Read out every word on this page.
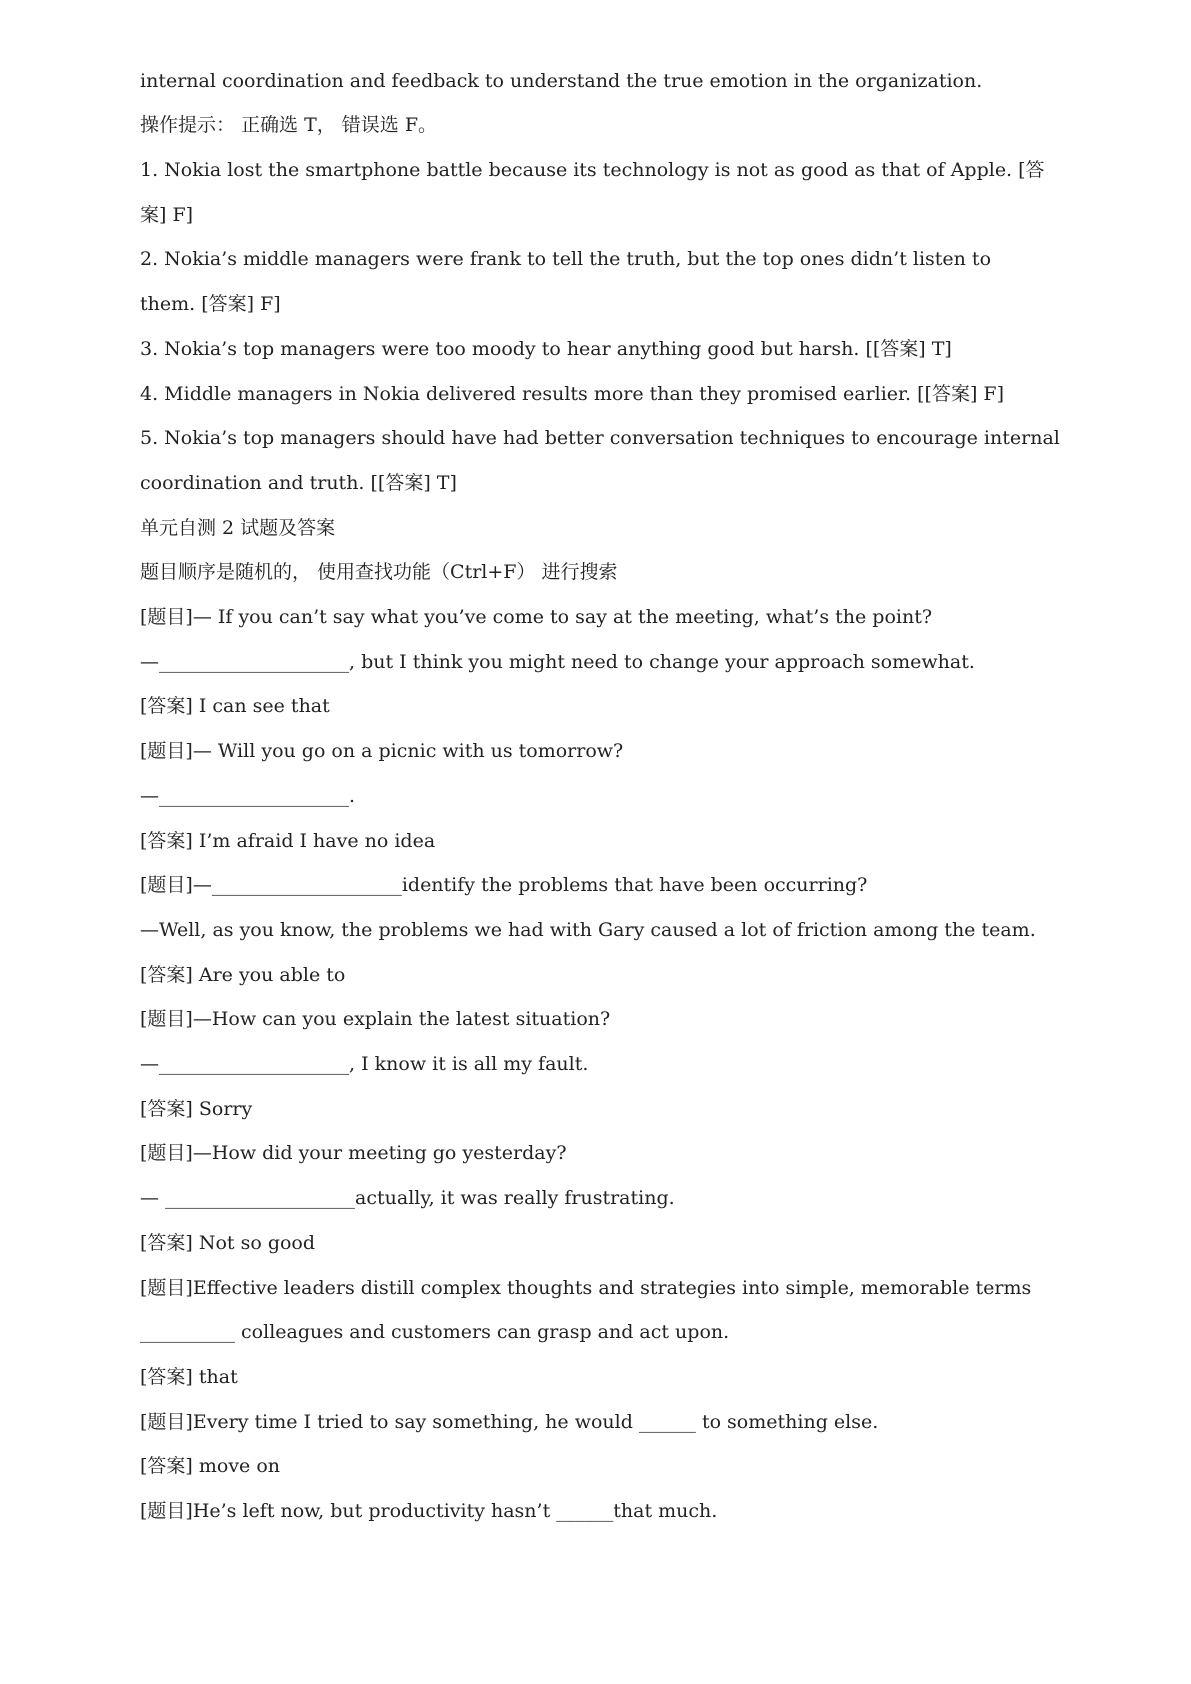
internal coordination and feedback to understand the true emotion in the organization.
操作提示： 正确选 T， 错误选 F。
1. Nokia lost the smartphone battle because its technology is not as good as that of Apple. [答
案] F]
2. Nokia’s middle managers were frank to tell the truth, but the top ones didn’t listen to
them. [答案] F]
3. Nokia’s top managers were too moody to hear anything good but harsh. [[答案] T]
4. Middle managers in Nokia delivered results more than they promised earlier. [[答案] F]
5. Nokia’s top managers should have had better conversation techniques to encourage internal
coordination and truth. [[答案] T]
单元自测 2 试题及答案
题目顺序是随机的， 使用查找功能（Ctrl+F） 进行搜索
[题目]— If you can’t say what you’ve come to say at the meeting, what’s the point?
—____________________, but I think you might need to change your approach somewhat.
[答案] I can see that
[题目]— Will you go on a picnic with us tomorrow?
—____________________.
[答案] I’m afraid I have no idea
[题目]—____________________identify the problems that have been occurring?
—Well, as you know, the problems we had with Gary caused a lot of friction among the team.
[答案] Are you able to
[题目]—How can you explain the latest situation?
—____________________, I know it is all my fault.
[答案] Sorry
[题目]—How did your meeting go yesterday?
— ____________________actually, it was really frustrating.
[答案] Not so good
[题目]Effective leaders distill complex thoughts and strategies into simple, memorable terms
__________ colleagues and customers can grasp and act upon.
[答案] that
[题目]Every time I tried to say something, he would ______ to something else.
[答案] move on
[题目]He’s left now, but productivity hasn’t ______that much.
